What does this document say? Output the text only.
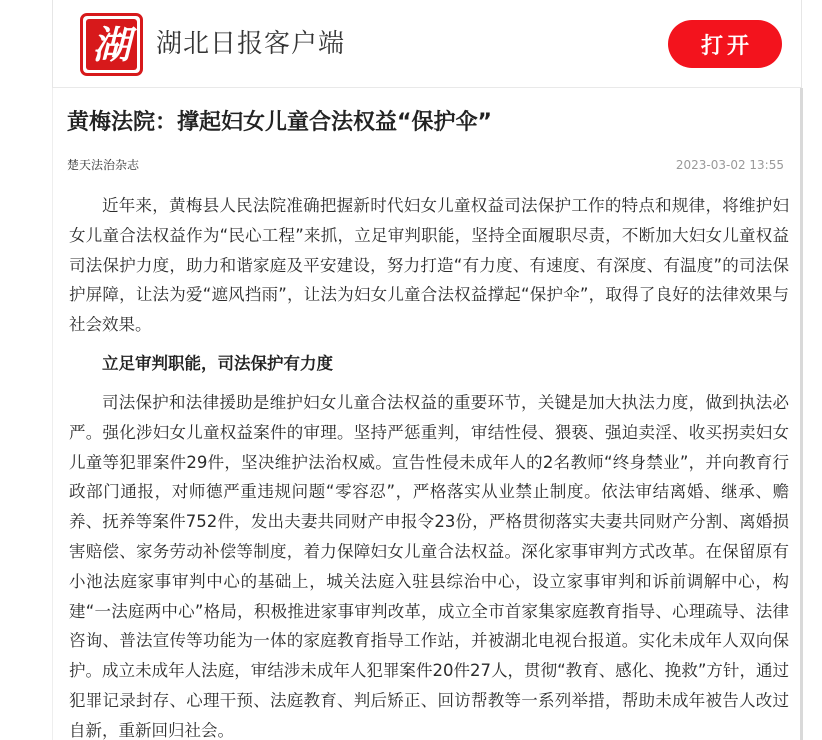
湖 湖北日报客户端	打开
黄梅法院：撑起妇女儿童合法权益“保护伞”
楚天法治杂志	2023-03-02 13:55

近年来，黄梅县人民法院准确把握新时代妇女儿童权益司法保护工作的特点和规律，将维护妇女儿童合法权益作为“民心工程”来抓，立足审判职能，坚持全面履职尽责，不断加大妇女儿童权益司法保护力度，助力和谐家庭及平安建设，努力打造“有力度、有速度、有深度、有温度”的司法保护屏障，让法为爱“遮风挡雨”，让法为妇女儿童合法权益撑起“保护伞”，取得了良好的法律效果与社会效果。

立足审判职能，司法保护有力度

司法保护和法律援助是维护妇女儿童合法权益的重要环节，关键是加大执法力度，做到执法必严。强化涉妇女儿童权益案件的审理。坚持严惩重判，审结性侵、猥亵、强迫卖淫、收买拐卖妇女儿童等犯罪案件29件，坚决维护法治权威。宣告性侵未成年人的2名教师“终身禁业”，并向教育行政部门通报，对师德严重违规问题“零容忍”，严格落实从业禁止制度。依法审结离婚、继承、赡养、抚养等案件752件，发出夫妻共同财产申报令23份，严格贯彻落实夫妻共同财产分割、离婚损害赔偿、家务劳动补偿等制度，着力保障妇女儿童合法权益。深化家事审判方式改革。在保留原有小池法庭家事审判中心的基础上，城关法庭入驻县综治中心，设立家事审判和诉前调解中心，构建“一法庭两中心”格局，积极推进家事审判改革，成立全市首家集家庭教育指导、心理疏导、法律咨询、普法宣传等功能为一体的家庭教育指导工作站，并被湖北电视台报道。实化未成年人双向保护。成立未成年人法庭，审结涉未成年人犯罪案件20件27人，贯彻“教育、感化、挽救”方针，通过犯罪记录封存、心理干预、法庭教育、判后矫正、回访帮教等一系列举措，帮助未成年被告人改过自新，重新回归社会。
